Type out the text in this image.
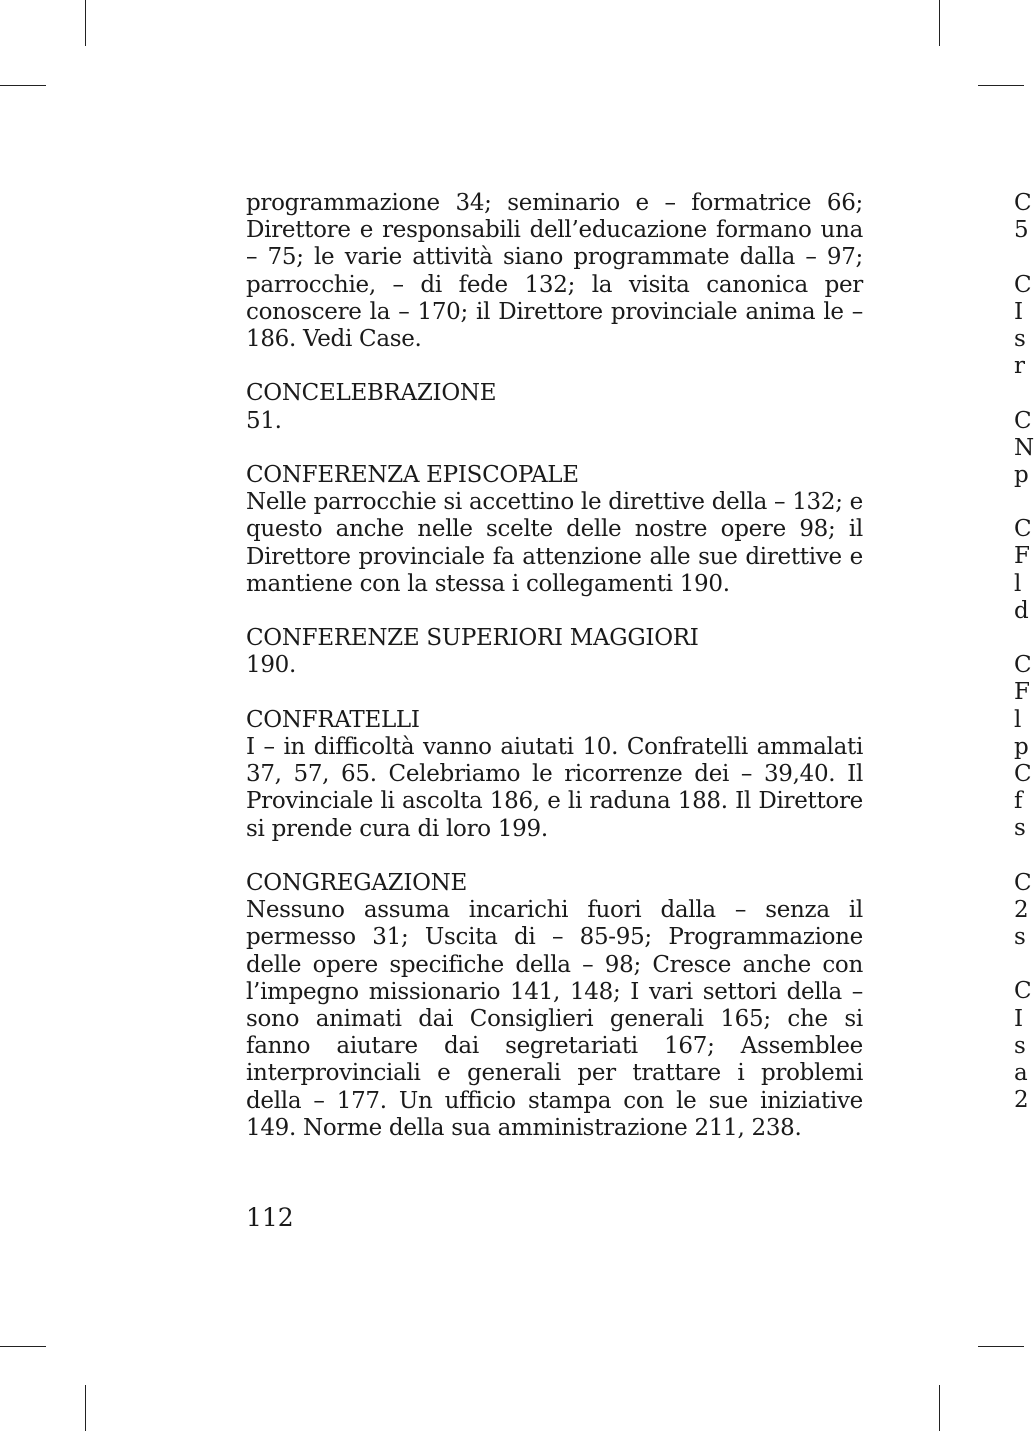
programmazione 34; seminario e – formatrice 66; Direttore e responsabili dell’educazione formano una – 75; le varie attività siano programmate dalla – 97; parrocchie, – di fede 132; la visita canonica per conoscere la – 170; il Direttore provinciale anima le – 186. Vedi Case.

CONCELEBRAZIONE
51.
CONFERENZA EPISCOPALE
Nelle parrocchie si accettino le direttive della – 132; e questo anche nelle scelte delle nostre opere 98; il Direttore provinciale fa attenzione alle sue direttive e mantiene con la stessa i collegamenti 190.
CONFERENZE SUPERIORI MAGGIORI
190.
CONFRATELLI
I – in difficoltà vanno aiutati 10. Confratelli ammalati 37, 57, 65. Celebriamo le ricorrenze dei – 39,40. Il Provinciale li ascolta 186, e li raduna 188. Il Direttore si prende cura di loro 199.
CONGREGAZIONE
Nessuno assuma incarichi fuori dalla – senza il permesso 31; Uscita di – 85-95; Programmazione delle opere specifiche della – 98; Cresce anche con l’impegno missionario 141, 148; I vari settori della – sono animati dai Consiglieri generali 165; che si fanno aiutare dai segretariati 167; Assemblee interprovinciali e generali per trattare i problemi della – 177. Un ufficio stampa con le sue iniziative 149. Norme della sua amministrazione 211, 238.
112
C
5
C
I
s
r
C
N
p
C
F
l
d
C
F
l
p
C
f
s
C
2
s
C
I
s
a
2
